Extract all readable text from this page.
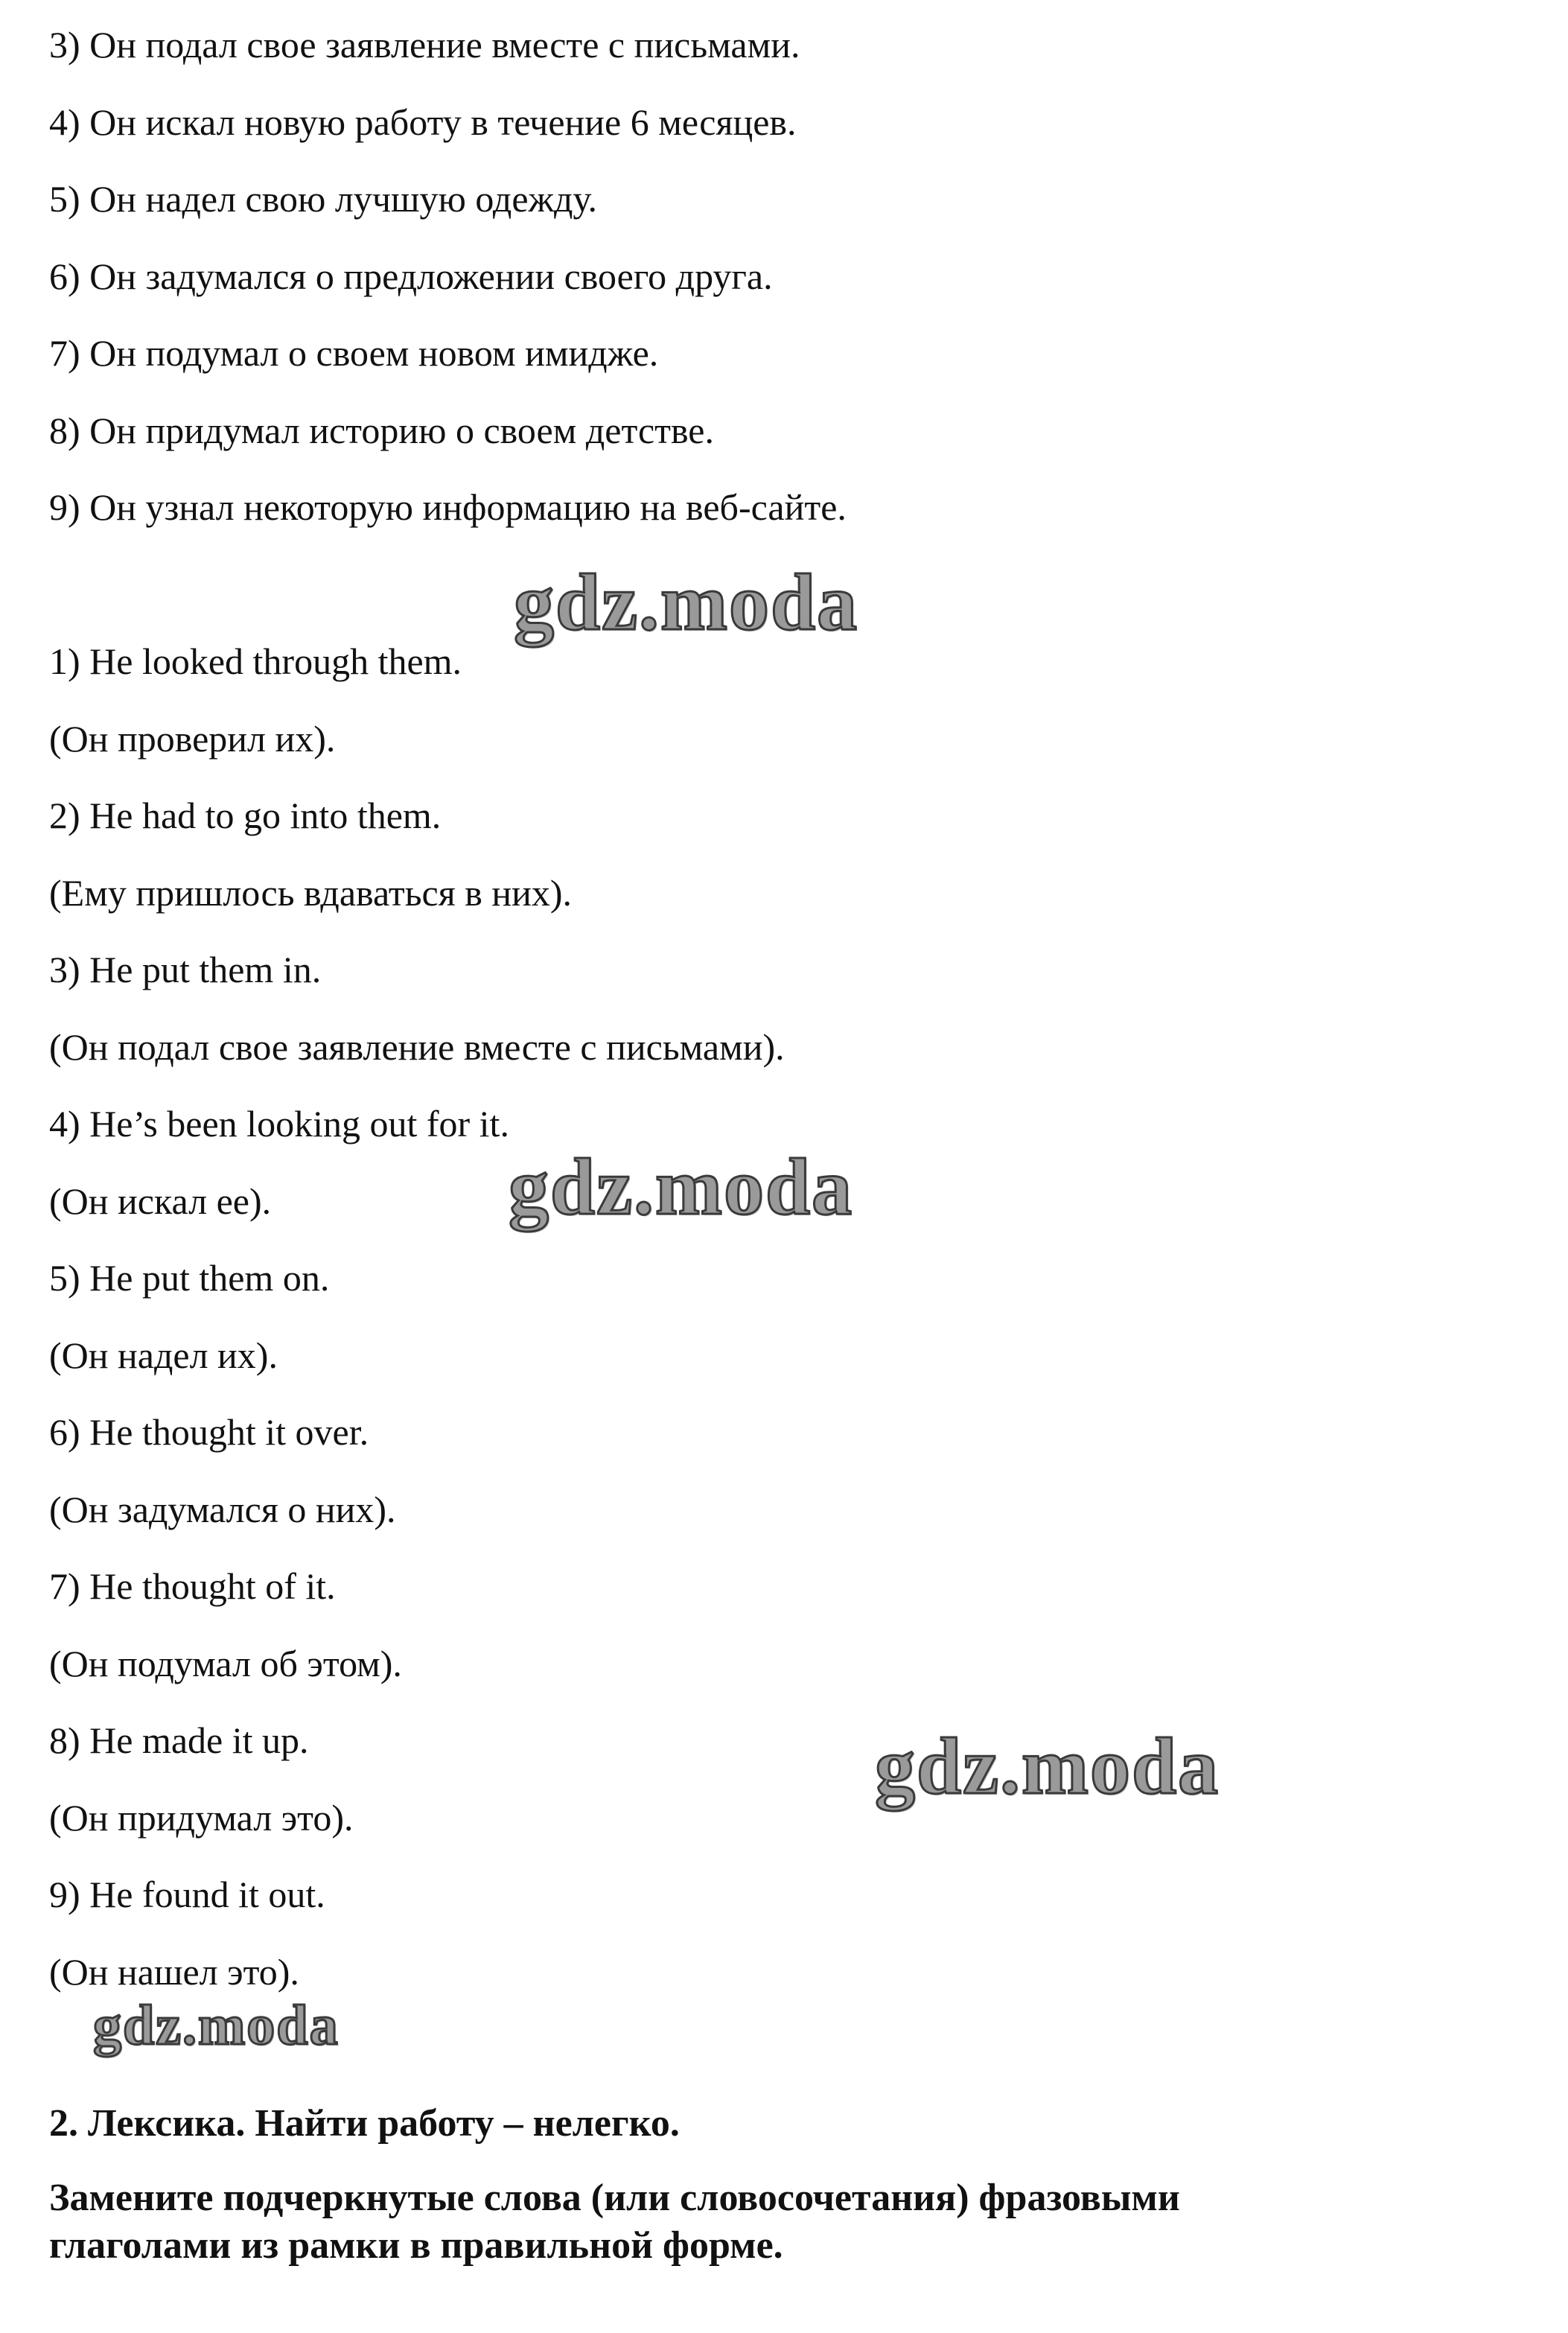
3) Он подал свое заявление вместе с письмами.

4) Он искал новую работу в течение 6 месяцев.

5) Он надел свою лучшую одежду.

6) Он задумался о предложении своего друга.

7) Он подумал о своем новом имидже.

8) Он придумал историю о своем детстве.

9) Он узнал некоторую информацию на веб-сайте.

1) He looked through them.

(Он проверил их).

2) He had to go into them.

(Ему пришлось вдаваться в них).

3) He put them in.

(Он подал свое заявление вместе с письмами).

4) He’s been looking out for it.

(Он искал ее).

5) He put them on.

(Он надел их).

6) He thought it over.

(Он задумался о них).

7) He thought of it.

(Он подумал об этом).

8) He made it up.

(Он придумал это).

9) He found it out.

(Он нашел это).

2. Лексика. Найти работу – нелегко.

Замените подчеркнутые слова (или словосочетания) фразовыми

глаголами из рамки в правильной форме.

gdz.moda
gdz.moda
gdz.moda
gdz.moda
